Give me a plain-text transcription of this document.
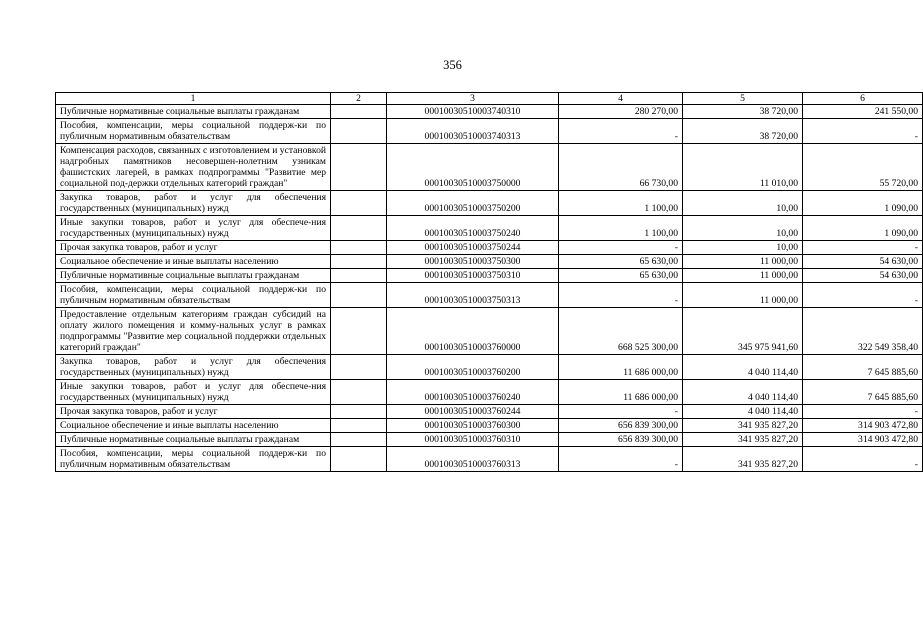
356
1	2	3	4	5	6
Публичные нормативные социальные выплаты гражданам		00010030510003740310	280 270,00	38 720,00	241 550,00
Пособия, компенсации, меры социальной поддерж-ки по публичным нормативным обязательствам		00010030510003740313	-	38 720,00	-
Компенсация расходов, связанных с изготовлением и установкой надгробных памятников несовершен-нолетним узникам фашистских лагерей, в рамках подпрограммы "Развитие мер социальной под-держки отдельных категорий граждан"		00010030510003750000	66 730,00	11 010,00	55 720,00
Закупка товаров, работ и услуг для обеспечения государственных (муниципальных) нужд		00010030510003750200	1 100,00	10,00	1 090,00
Иные закупки товаров, работ и услуг для обеспече-ния государственных (муниципальных) нужд		00010030510003750240	1 100,00	10,00	1 090,00
Прочая закупка товаров, работ и услуг		00010030510003750244	-	10,00	-
Социальное обеспечение и иные выплаты населению		00010030510003750300	65 630,00	11 000,00	54 630,00
Публичные нормативные социальные выплаты гражданам		00010030510003750310	65 630,00	11 000,00	54 630,00
Пособия, компенсации, меры социальной поддерж-ки по публичным нормативным обязательствам		00010030510003750313	-	11 000,00	-
Предоставление отдельным категориям граждан субсидий на оплату жилого помещения и комму-нальных услуг в рамках подпрограммы "Развитие мер социальной поддержки отдельных категорий граждан"		00010030510003760000	668 525 300,00	345 975 941,60	322 549 358,40
Закупка товаров, работ и услуг для обеспечения государственных (муниципальных) нужд		00010030510003760200	11 686 000,00	4 040 114,40	7 645 885,60
Иные закупки товаров, работ и услуг для обеспече-ния государственных (муниципальных) нужд		00010030510003760240	11 686 000,00	4 040 114,40	7 645 885,60
Прочая закупка товаров, работ и услуг		00010030510003760244	-	4 040 114,40	-
Социальное обеспечение и иные выплаты населению		00010030510003760300	656 839 300,00	341 935 827,20	314 903 472,80
Публичные нормативные социальные выплаты гражданам		00010030510003760310	656 839 300,00	341 935 827,20	314 903 472,80
Пособия, компенсации, меры социальной поддерж-ки по публичным нормативным обязательствам		00010030510003760313	-	341 935 827,20	-
